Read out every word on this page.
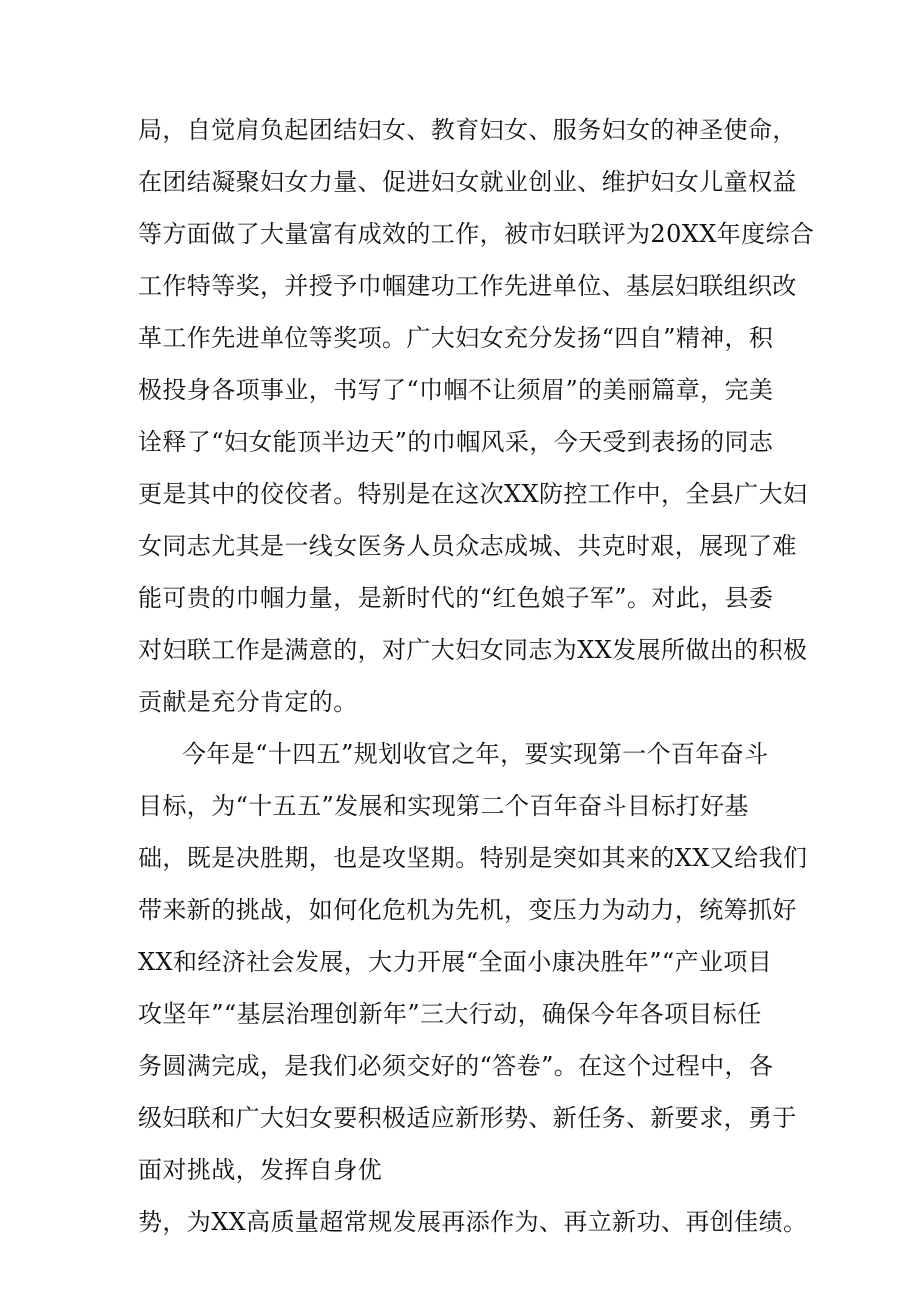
局，自觉肩负起团结妇女、教育妇女、服务妇女的神圣使命，
在团结凝聚妇女力量、促进妇女就业创业、维护妇女儿童权益
等方面做了大量富有成效的工作，被市妇联评为20XX年度综合
工作特等奖，并授予巾帼建功工作先进单位、基层妇联组织改
革工作先进单位等奖项。广大妇女充分发扬“四自”精神，积
极投身各项事业，书写了“巾帼不让须眉”的美丽篇章，完美
诠释了“妇女能顶半边天”的巾帼风采，今天受到表扬的同志
更是其中的佼佼者。特别是在这次XX防控工作中，全县广大妇
女同志尤其是一线女医务人员众志成城、共克时艰，展现了难
能可贵的巾帼力量，是新时代的“红色娘子军”。对此，县委
对妇联工作是满意的，对广大妇女同志为XX发展所做出的积极
贡献是充分肯定的。
今年是“十四五”规划收官之年，要实现第一个百年奋斗
目标，为“十五五”发展和实现第二个百年奋斗目标打好基
础，既是决胜期，也是攻坚期。特别是突如其来的XX又给我们
带来新的挑战，如何化危机为先机，变压力为动力，统筹抓好
XX和经济社会发展，大力开展“全面小康决胜年”“产业项目
攻坚年”“基层治理创新年”三大行动，确保今年各项目标任
务圆满完成，是我们必须交好的“答卷”。在这个过程中，各
级妇联和广大妇女要积极适应新形势、新任务、新要求，勇于
面对挑战，发挥自身优
势，为XX高质量超常规发展再添作为、再立新功、再创佳绩。
